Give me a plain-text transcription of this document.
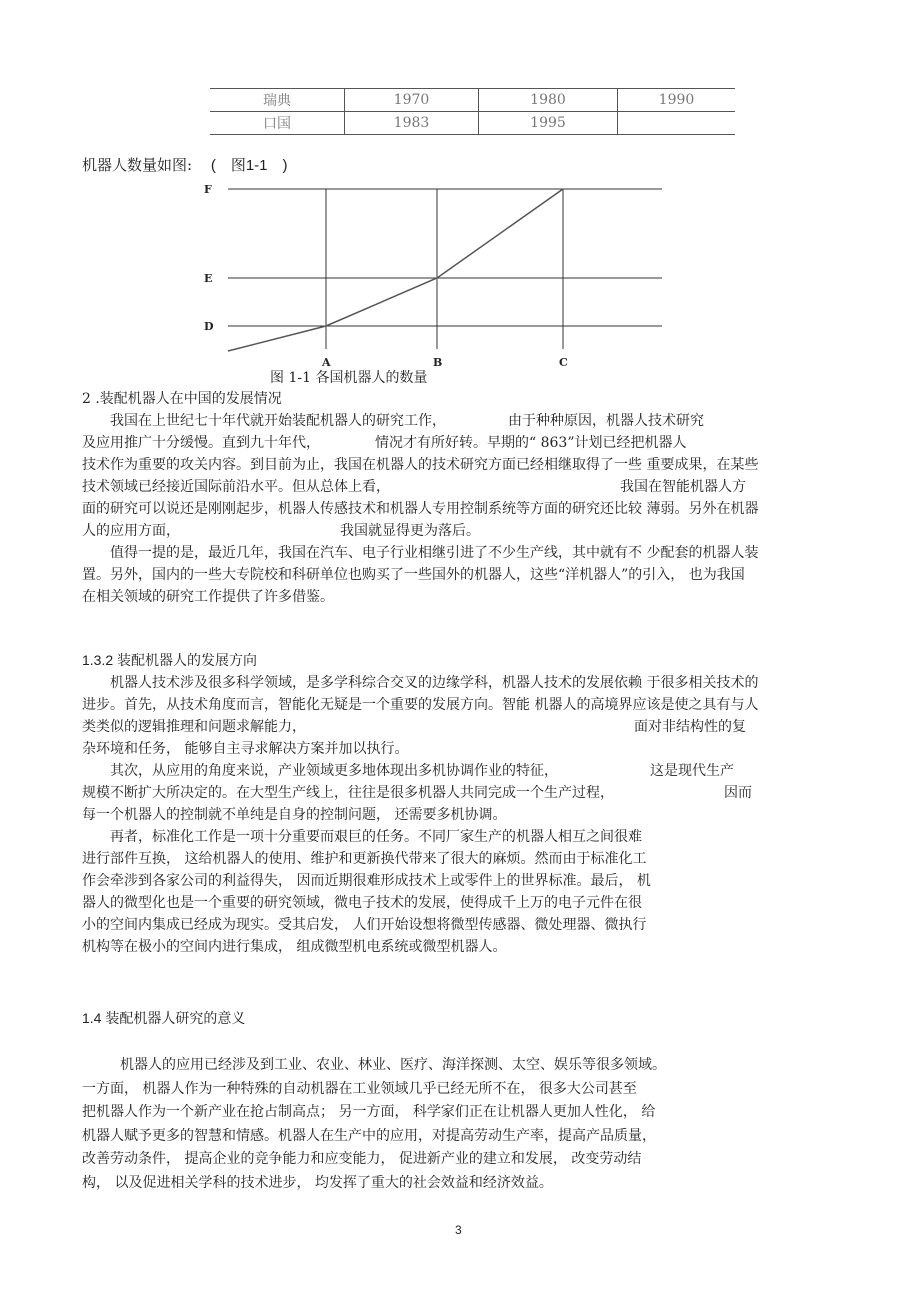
瑞典	1970	1980	1990
口国	1983	1995	
机器人数量如图: (　图1-1　)
F
E
D
A	B	C
图 1-1 各国机器人的数量
2 .装配机器人在中国的发展情况
我国在上世纪七十年代就开始装配机器人的研究工作，	由于种种原因，机器人技术研究
及应用推广十分缓慢。直到九十年代，	情况才有所好转。早期的“ 863”计划已经把机器人
技术作为重要的攻关内容。到目前为止，我国在机器人的技术研究方面已经相继取得了一些 重要成果，在某些
技术领域已经接近国际前沿水平。但从总体上看，	我国在智能机器人方
面的研究可以说还是刚刚起步，机器人传感技术和机器人专用控制系统等方面的研究还比较 薄弱。另外在机器
人的应用方面，	我国就显得更为落后。
值得一提的是，最近几年，我国在汽车、电子行业相继引进了不少生产线，其中就有不 少配套的机器人装
置。另外，国内的一些大专院校和科研单位也购买了一些国外的机器人，这些“洋机器人”的引入， 也为我国
在相关领域的研究工作提供了许多借鉴。
1.3.2 装配机器人的发展方向
机器人技术涉及很多科学领域，是多学科综合交叉的边缘学科，机器人技术的发展依赖 于很多相关技术的
进步。首先，从技术角度而言，智能化无疑是一个重要的发展方向。智能 机器人的高境界应该是使之具有与人
类类似的逻辑推理和问题求解能力，	面对非结构性的复
杂环境和任务， 能够自主寻求解决方案并加以执行。
其次，从应用的角度来说，产业领域更多地体现出多机协调作业的特征，	这是现代生产
规模不断扩大所决定的。在大型生产线上，往往是很多机器人共同完成一个生产过程，	因而
每一个机器人的控制就不单纯是自身的控制问题， 还需要多机协调。
再者，标准化工作是一项十分重要而艰巨的任务。不同厂家生产的机器人相互之间很难
进行部件互换， 这给机器人的使用、维护和更新换代带来了很大的麻烦。然而由于标准化工
作会牵涉到各家公司的利益得失， 因而近期很难形成技术上或零件上的世界标准。最后， 机
器人的微型化也是一个重要的研究领域，微电子技术的发展，使得成千上万的电子元件在很
小的空间内集成已经成为现实。受其启发， 人们开始设想将微型传感器、微处理器、微执行
机构等在极小的空间内进行集成， 组成微型机电系统或微型机器人。
1.4 装配机器人研究的意义
机器人的应用已经涉及到工业、农业、林业、医疗、海洋探测、太空、娱乐等很多领域。
一方面， 机器人作为一种特殊的自动机器在工业领域几乎已经无所不在， 很多大公司甚至
把机器人作为一个新产业在抢占制高点； 另一方面， 科学家们正在让机器人更加人性化， 给
机器人赋予更多的智慧和情感。机器人在生产中的应用，对提高劳动生产率，提高产品质量，
改善劳动条件， 提高企业的竞争能力和应变能力， 促进新产业的建立和发展， 改变劳动结
构， 以及促进相关学科的技术进步， 均发挥了重大的社会效益和经济效益。
3
